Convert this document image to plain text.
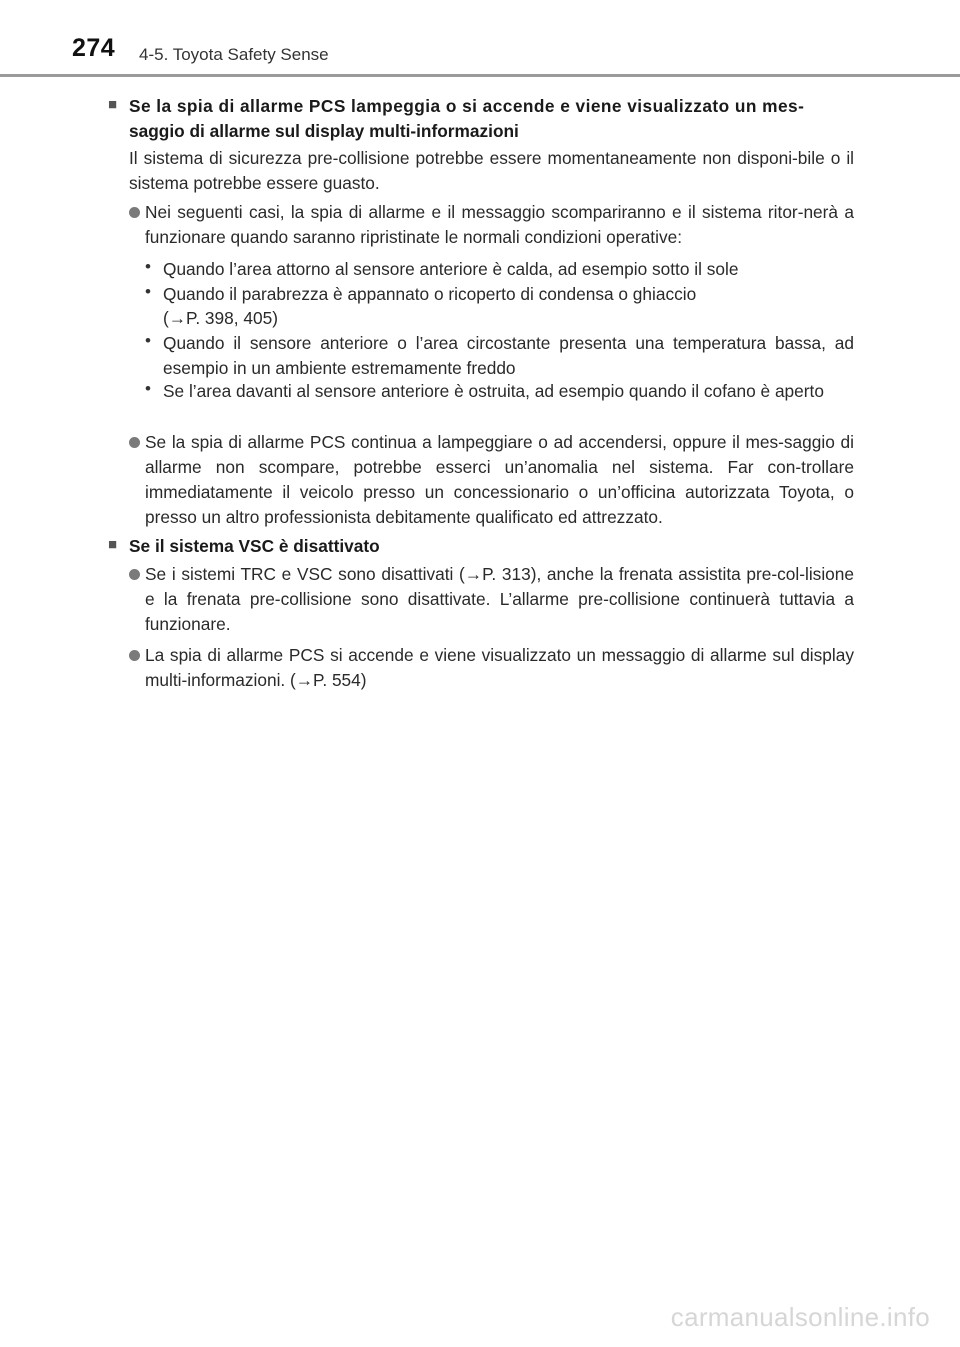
274 4-5. Toyota Safety Sense
■ Se la spia di allarme PCS lampeggia o si accende e viene visualizzato un mes-
saggio di allarme sul display multi-informazioni
Il sistema di sicurezza pre-collisione potrebbe essere momentaneamente non disponi-bile o il sistema potrebbe essere guasto.
Nei seguenti casi, la spia di allarme e il messaggio scompariranno e il sistema ritor-nerà a funzionare quando saranno ripristinate le normali condizioni operative:
• Quando l’area attorno al sensore anteriore è calda, ad esempio sotto il sole
• Quando il parabrezza è appannato o ricoperto di condensa o ghiaccio
(→P. 398, 405)
• Quando il sensore anteriore o l’area circostante presenta una temperatura bassa, ad esempio in un ambiente estremamente freddo
• Se l’area davanti al sensore anteriore è ostruita, ad esempio quando il cofano è aperto
Se la spia di allarme PCS continua a lampeggiare o ad accendersi, oppure il mes-saggio di allarme non scompare, potrebbe esserci un’anomalia nel sistema. Far con-trollare immediatamente il veicolo presso un concessionario o un’officina autorizzata Toyota, o presso un altro professionista debitamente qualificato ed attrezzato.
■ Se il sistema VSC è disattivato
Se i sistemi TRC e VSC sono disattivati (→P. 313), anche la frenata assistita pre-col-lisione e la frenata pre-collisione sono disattivate. L’allarme pre-collisione continuerà tuttavia a funzionare.
La spia di allarme PCS si accende e viene visualizzato un messaggio di allarme sul display multi-informazioni. (→P. 554)
carmanualsonline.info
